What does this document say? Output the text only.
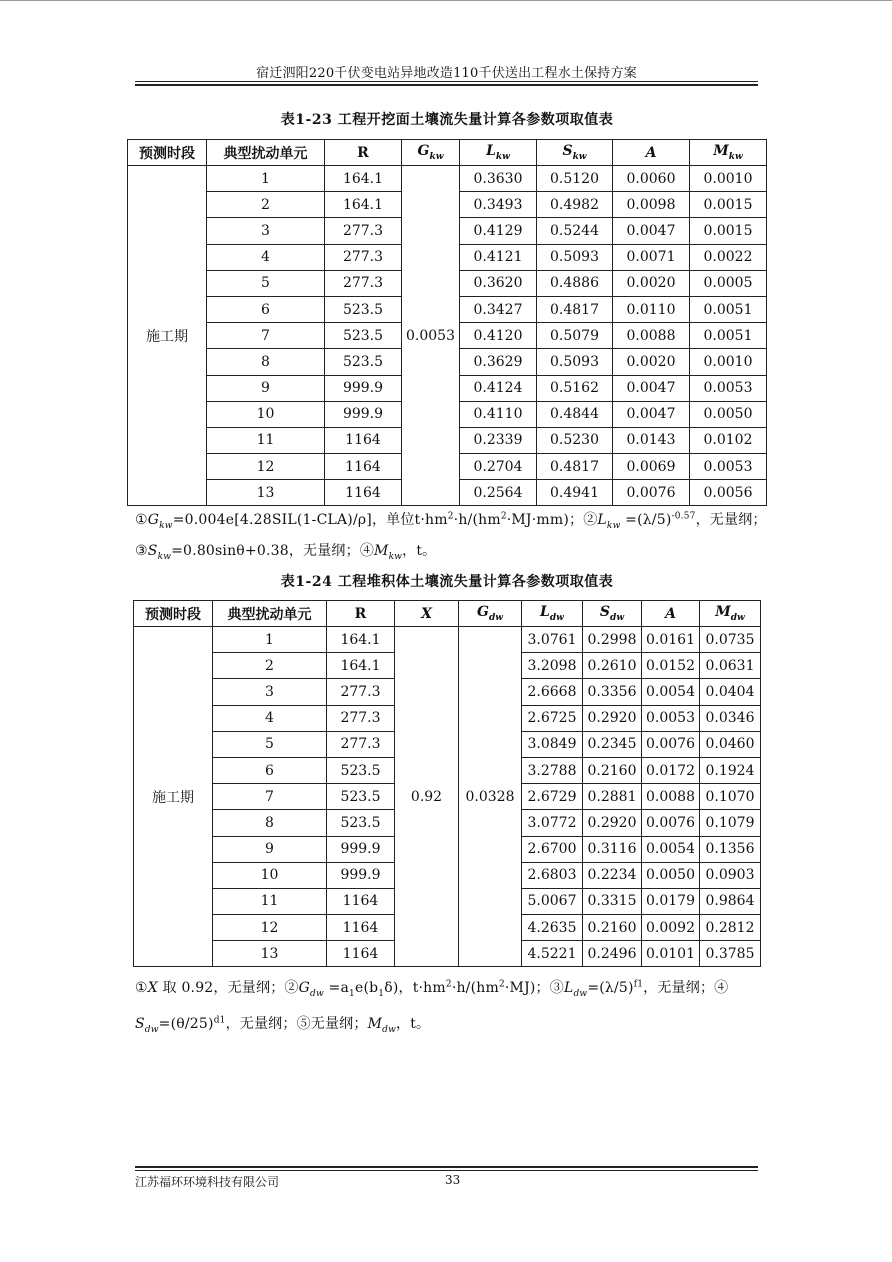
宿迁泗阳220千伏变电站异地改造110千伏送出工程水土保持方案
表1-23 工程开挖面土壤流失量计算各参数项取值表
预测时段	典型扰动单元	R	$G_{kw}$	$L_{kw}$	$S_{kw}$	A	$M_{kw}$
施工期	1	164.1	0.0053	0.3630	0.5120	0.0060	0.0010
	2	164.1		0.3493	0.4982	0.0098	0.0015
	3	277.3		0.4129	0.5244	0.0047	0.0015
	4	277.3		0.4121	0.5093	0.0071	0.0022
	5	277.3		0.3620	0.4886	0.0020	0.0005
	6	523.5		0.3427	0.4817	0.0110	0.0051
	7	523.5		0.4120	0.5079	0.0088	0.0051
	8	523.5		0.3629	0.5093	0.0020	0.0010
	9	999.9		0.4124	0.5162	0.0047	0.0053
	10	999.9		0.4110	0.4844	0.0047	0.0050
	11	1164		0.2339	0.5230	0.0143	0.0102
	12	1164		0.2704	0.4817	0.0069	0.0053
	13	1164		0.2564	0.4941	0.0076	0.0056
$①G_{kw}=0.004e[4.28SIL(1-CLA)/\rho]$，单位$t\cdot hm^2\cdot h/(hm^2\cdot MJ\cdot mm)$；$②L_{kw} =(\lambda/5)^{-0.57}$，无量纲；
$③S_{kw}=0.80\sin\theta+0.38$，无量纲；$④M_{kw}$，t。
表1-24 工程堆积体土壤流失量计算各参数项取值表
预测时段	典型扰动单元	R	X	$G_{dw}$	$L_{dw}$	$S_{dw}$	A	$M_{dw}$
施工期	1	164.1	0.92	0.0328	3.0761	0.2998	0.0161	0.0735
	2	164.1			3.2098	0.2610	0.0152	0.0631
	3	277.3			2.6668	0.3356	0.0054	0.0404
	4	277.3			2.6725	0.2920	0.0053	0.0346
	5	277.3			3.0849	0.2345	0.0076	0.0460
	6	523.5			3.2788	0.2160	0.0172	0.1924
	7	523.5			2.6729	0.2881	0.0088	0.1070
	8	523.5			3.0772	0.2920	0.0076	0.1079
	9	999.9			2.6700	0.3116	0.0054	0.1356
	10	999.9			2.6803	0.2234	0.0050	0.0903
	11	1164			5.0067	0.3315	0.0179	0.9864
	12	1164			4.2635	0.2160	0.0092	0.2812
	13	1164			4.5221	0.2496	0.0101	0.3785
①X 取 0.92，无量纲；$②G_{dw} =a_1e(b_1\delta)$，$t\cdot hm^2\cdot h/(hm^2\cdot MJ)$；$③L_{dw}=(\lambda/5)^{f1}$，无量纲；④
$S_{dw}=(\theta/25)^{d1}$，无量纲；⑤无量纲；$M_{dw}$，t。
江苏福环环境科技有限公司	33
